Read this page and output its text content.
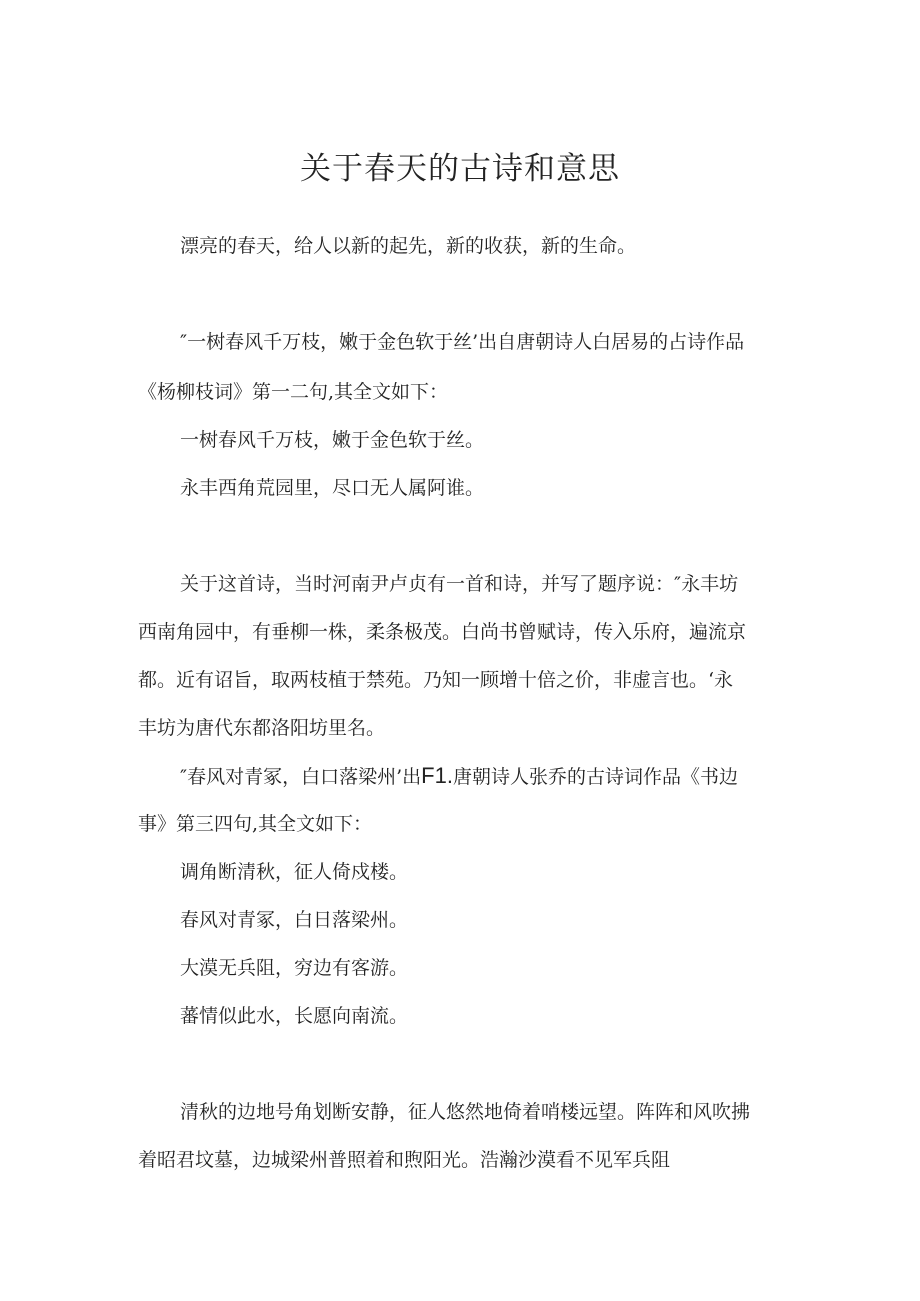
关于春天的古诗和意思

漂亮的春天，给人以新的起先，新的收获，新的生命。

″一树春风千万枝，嫩于金色软于丝’出自唐朝诗人白居易的占诗作品

《杨柳枝词》第一二句,其全文如下：

一树春风千万枝，嫩于金色软于丝。

永丰西角荒园里，尽口无人属阿谁。

关于这首诗，当时河南尹卢贞有一首和诗，并写了题序说：″永丰坊

西南角园中，有垂柳一株，柔条极茂。白尚书曾赋诗，传入乐府，遍流京

都。近有诏旨，取两枝植于禁苑。乃知一顾增十倍之价，非虚言也。‘永

丰坊为唐代东都洛阳坊里名。

″春风对青冢，白口落梁州’出F1.唐朝诗人张乔的古诗词作品《书边

事》第三四句,其全文如下：

调角断清秋，征人倚戍楼。

春风对青冢，白日落梁州。

大漠无兵阻，穷边有客游。

蕃情似此水，长愿向南流。

清秋的边地号角划断安静，征人悠然地倚着哨楼远望。阵阵和风吹拂

着昭君坟墓，边城梁州普照着和煦阳光。浩瀚沙漠看不见军兵阻
